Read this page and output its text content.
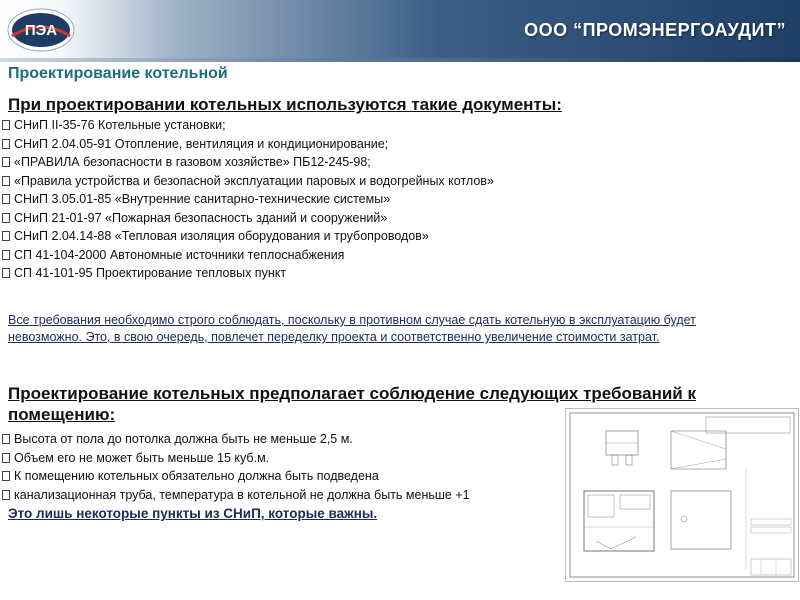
ПЭА	ООО “ПРОМЭНЕРГОАУДИТ”
Проектирование котельной
При проектировании котельных используются такие документы:
СНиП II-35-76 Котельные установки;
СНиП 2.04.05-91 Отопление, вентиляция и кондиционирование;
«ПРАВИЛА безопасности в газовом хозяйстве» ПБ12-245-98;
«Правила устройства и безопасной эксплуатации паровых и водогрейных котлов»
СНиП 3.05.01-85 «Внутренние санитарно-технические системы»
СНиП 21-01-97 «Пожарная безопасность зданий и сооружений»
СНиП 2.04.14-88 «Тепловая изоляция оборудования и трубопроводов»
СП 41-104-2000 Автономные источники теплоснабжения
СП 41-101-95 Проектирование тепловых пункт
Все требования необходимо строго соблюдать, поскольку в противном случае сдать котельную в эксплуатацию будет невозможно. Это, в свою очередь, повлечет переделку проекта и соответственно увеличение стоимости затрат.
Проектирование котельных предполагает соблюдение следующих требований к помещению:
Высота от пола до потолка должна быть не меньше 2,5 м.
Объем его не может быть меньше 15 куб.м.
К помещению котельных обязательно должна быть подведена
канализационная труба, температура в котельной не должна быть меньше +1
Это лишь некоторые пункты из СНиП, которые важны.
